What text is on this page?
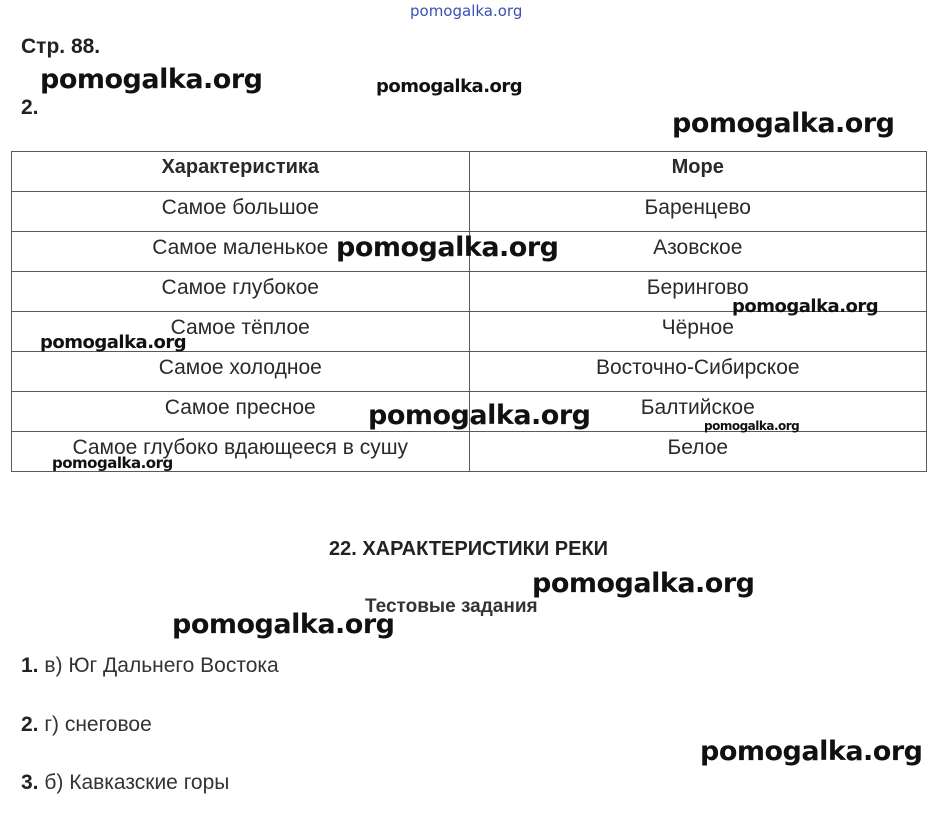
pomogalka.org
Стр. 88.
2.
Характеристика	Море
Самое большое	Баренцево
Самое маленькое	Азовское
Самое глубокое	Берингово
Самое тёплое	Чёрное
Самое холодное	Восточно-Сибирское
Самое пресное	Балтийское
Самое глубоко вдающееся в сушу	Белое
22. ХАРАКТЕРИСТИКИ РЕКИ
Тестовые задания
1. в) Юг Дальнего Востока
2. г) снеговое
3. б) Кавказские горы
pomogalka.org	pomogalka.org
pomogalka.org
pomogalka.org
pomogalka.org
pomogalka.org
pomogalka.org	pomogalka.org
pomogalka.org
pomogalka.org
pomogalka.org
pomogalka.org
